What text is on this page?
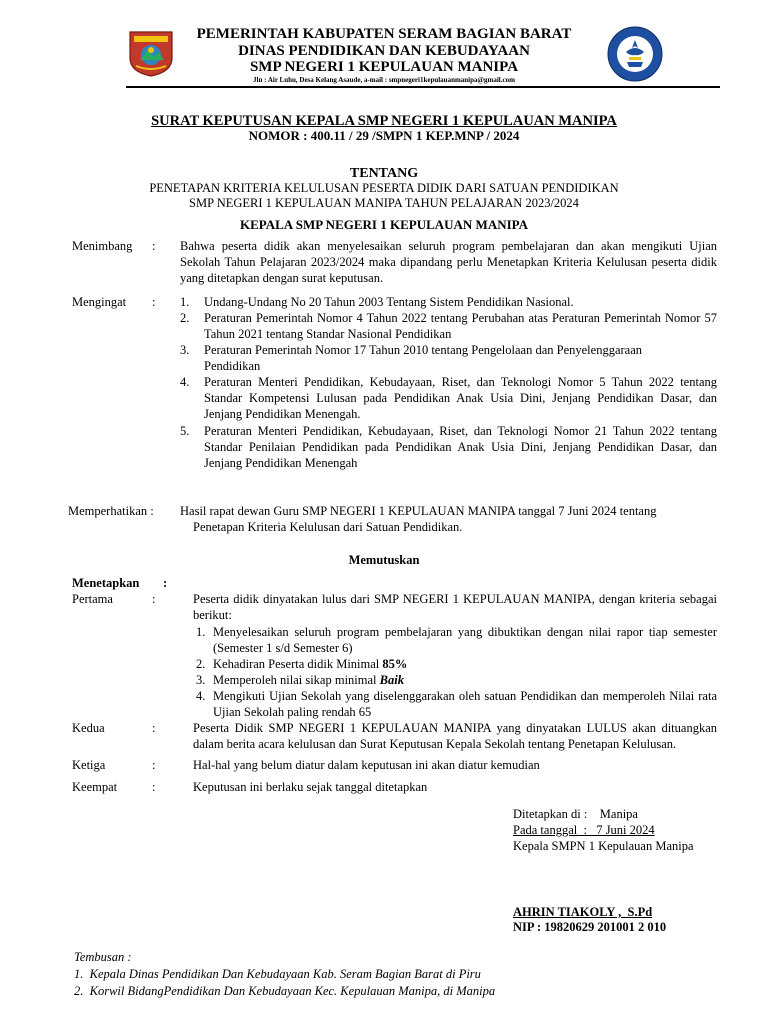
PEMERINTAH KABUPATEN SERAM BAGIAN BARAT
DINAS PENDIDIKAN DAN KEBUDAYAAN
SMP NEGERI 1 KEPULAUAN MANIPA
Jln : Air Luhu, Desa Kelang Asaude, a-mail : smpnegeri1kepulauanmanipa@gmail.com
SURAT KEPUTUSAN KEPALA SMP NEGERI 1 KEPULAUAN MANIPA
NOMOR : 400.11 / 29 /SMPN 1 KEP.MNP / 2024
TENTANG
PENETAPAN KRITERIA KELULUSAN PESERTA DIDIK DARI SATUAN PENDIDIKAN
SMP NEGERI 1 KEPULAUAN MANIPA TAHUN PELAJARAN 2023/2024
KEPALA SMP NEGERI 1 KEPULAUAN MANIPA
Menimbang : Bahwa peserta didik akan menyelesaikan seluruh program pembelajaran dan akan mengikuti Ujian Sekolah Tahun Pelajaran 2023/2024 maka dipandang perlu Menetapkan Kriteria Kelulusan peserta didik yang ditetapkan dengan surat keputusan.

Mengingat : 1. Undang-Undang No 20 Tahun 2003 Tentang Sistem Pendidikan Nasional.

2. Peraturan Pemerintah Nomor 4 Tahun 2022 tentang Perubahan atas Peraturan Pemerintah Nomor 57 Tahun 2021 tentang Standar Nasional Pendidikan

3. Peraturan Pemerintah Nomor 17 Tahun 2010 tentang Pengelolaan dan Penyelenggaraan Pendidikan

4. Peraturan Menteri Pendidikan, Kebudayaan, Riset, dan Teknologi Nomor 5 Tahun 2022 tentang Standar Kompetensi Lulusan pada Pendidikan Anak Usia Dini, Jenjang Pendidikan Dasar, dan Jenjang Pendidikan Menengah.

5. Peraturan Menteri Pendidikan, Kebudayaan, Riset, dan Teknologi Nomor 21 Tahun 2022 tentang Standar Penilaian Pendidikan pada Pendidikan Anak Usia Dini, Jenjang Pendidikan Dasar, dan Jenjang Pendidikan Menengah

Memperhatikan : Hasil rapat dewan Guru SMP NEGERI 1 KEPULAUAN MANIPA tanggal 7 Juni 2024 tentang
Penetapan Kriteria Kelulusan dari Satuan Pendidikan.
Memutuskan
Menetapkan :
Pertama	:	Peserta didik dinyatakan lulus dari SMP NEGERI 1 KEPULAUAN MANIPA, dengan kriteria sebagai berikut:

1. Menyelesaikan seluruh program pembelajaran yang dibuktikan dengan nilai rapor tiap semester (Semester 1 s/d Semester 6)

2. Kehadiran Peserta didik Minimal 85%

3. Memperoleh nilai sikap minimal Baik

4. Mengikuti Ujian Sekolah yang diselenggarakan oleh satuan Pendidikan dan memperoleh Nilai rata Ujian Sekolah paling rendah 65

Kedua	:	Peserta Didik SMP NEGERI 1 KEPULAUAN MANIPA yang dinyatakan LULUS akan dituangkan dalam berita acara kelulusan dan Surat Keputusan Kepala Sekolah tentang Penetapan Kelulusan.

Ketiga	:	Hal-hal yang belum diatur dalam keputusan ini akan diatur kemudian

Keempat	:	Keputusan ini berlaku sejak tanggal ditetapkan

Ditetapkan di :    Manipa
Pada tanggal  :   7 Juni 2024
Kepala SMPN 1 Kepulauan Manipa
AHRIN TIAKOLY ,  S.Pd
NIP : 19820629 201001 2 010
Tembusan :
1.  Kepala Dinas Pendidikan Dan Kebudayaan Kab. Seram Bagian Barat di Piru
2.  Korwil BidangPendidikan Dan Kebudayaan Kec. Kepulauan Manipa, di Manipa
